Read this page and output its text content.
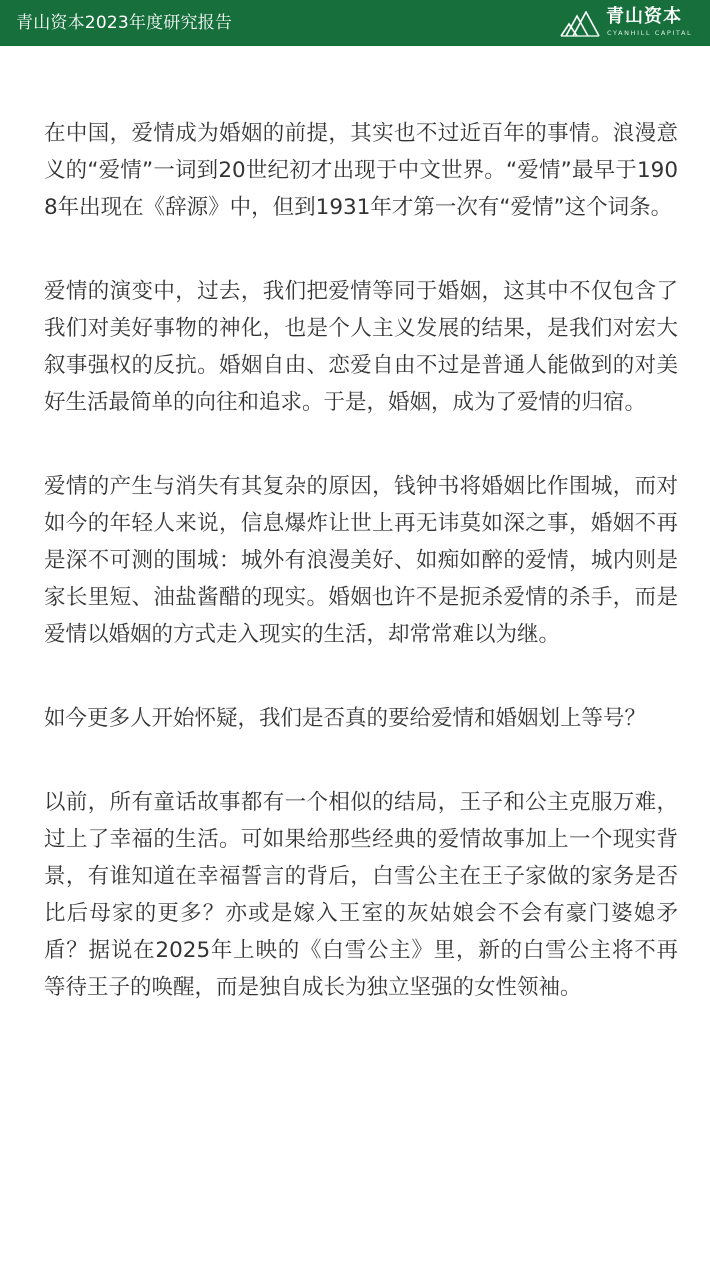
青山资本2023年度研究报告	青山资本
CYANHILL CAPITAL

在中国，爱情成为婚姻的前提，其实也不过近百年的事情。浪漫意义的“爱情”一词到20世纪初才出现于中文世界。“爱情”最早于1908年出现在《辞源》中，但到1931年才第一次有“爱情”这个词条。

爱情的演变中，过去，我们把爱情等同于婚姻，这其中不仅包含了我们对美好事物的神化，也是个人主义发展的结果，是我们对宏大叙事强权的反抗。婚姻自由、恋爱自由不过是普通人能做到的对美好生活最简单的向往和追求。于是，婚姻，成为了爱情的归宿。

爱情的产生与消失有其复杂的原因，钱钟书将婚姻比作围城，而对如今的年轻人来说，信息爆炸让世上再无讳莫如深之事，婚姻不再是深不可测的围城：城外有浪漫美好、如痴如醉的爱情，城内则是家长里短、油盐酱醋的现实。婚姻也许不是扼杀爱情的杀手，而是爱情以婚姻的方式走入现实的生活，却常常难以为继。

如今更多人开始怀疑，我们是否真的要给爱情和婚姻划上等号？

以前，所有童话故事都有一个相似的结局，王子和公主克服万难，过上了幸福的生活。可如果给那些经典的爱情故事加上一个现实背景，有谁知道在幸福誓言的背后，白雪公主在王子家做的家务是否比后母家的更多？亦或是嫁入王室的灰姑娘会不会有豪门婆媳矛盾？据说在2025年上映的《白雪公主》里，新的白雪公主将不再等待王子的唤醒，而是独自成长为独立坚强的女性领袖。
